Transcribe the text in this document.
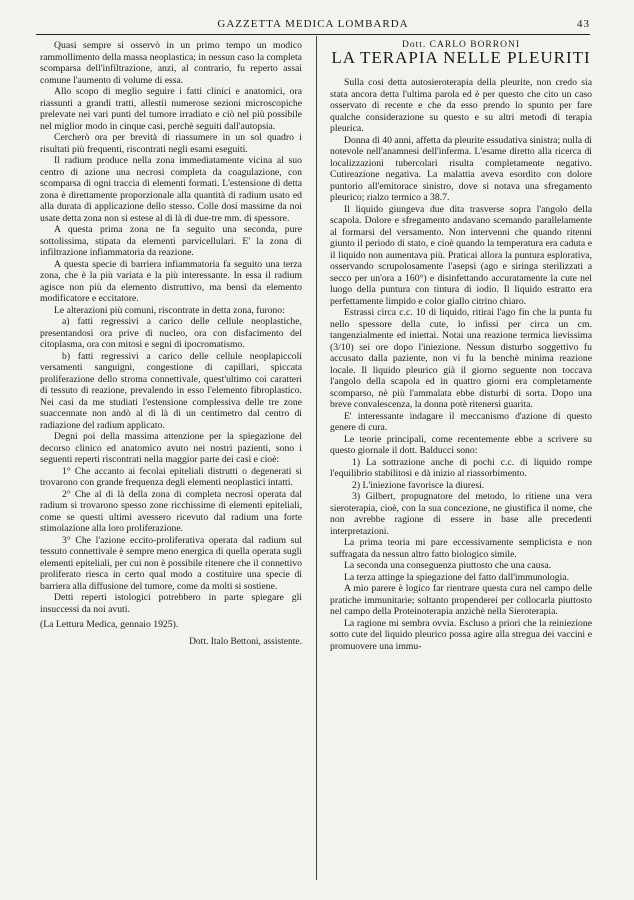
GAZZETTA MEDICA LOMBARDA	43

Quasi sempre si osservò in un primo tempo un modico rammollimento della massa neoplastica; in nessun caso la completa scomparsa dell'infiltrazione, anzi, al contrario, fu reperto assai comune l'aumento di volume di essa.

Allo scopo di meglio seguire i fatti clinici e anatomici, ora riassunti a grandi tratti, allestii numerose sezioni microscopiche prelevate nei vari punti del tumore irradiato e ciò nel più possibile nel miglior modo in cinque casi, perchè seguiti dall'autopsia.

Cercherò ora per brevità di riassumere in un sol quadro i risultati più frequenti, riscontrati negli esami eseguiti.

Il radium produce nella zona immediatamente vicina al suo centro di azione una necrosi completa da coagulazione, con scomparsa di ogni traccia di elementi formati. L'estensione di detta zona è direttamente proporzionale alla quantità di radium usato ed alla durata di applicazione dello stesso. Colle dosi massime da noi usate detta zona non si estese al di là di due-tre mm. di spessore.

A questa prima zona ne fa seguito una seconda, pure sottolissima, stipata da elementi parvicellulari. E' la zona di infiltrazione infiammatoria da reazione.

A questa specie di barriera infiammatoria fa seguito una terza zona, che è la più variata e la più interessante. In essa il radium agisce non più da elemento distruttivo, ma bensì da elemento modificatore e eccitatore.

Le alterazioni più comuni, riscontrate in detta zona, furono:

a) fatti regressivi a carico delle cellule neoplastiche, presentandosi ora prive di nucleo, ora con disfacimento del citoplasma, ora con mitosi e segni di ipocromatismo.

b) fatti regressivi a carico delle cellule neoplapiccoli versamenti sanguigni, congestione di capillari, spiccata proliferazione dello stroma connettivale, quest'ultimo coi caratteri di tessuto di reazione, prevalendo in esso l'elemento fibroplastico. Nei casi da me studiati l'estensione complessiva delle tre zone suaccennate non andò al di là di un centimetro dal centro di radiazione del radium applicato.

Degni poi della massima attenzione per la spiegazione del decorso clinico ed anatomico avuto nei nostri pazienti, sono i seguenti reperti riscontrati nella maggior parte dei casi e cioè:

1° Che accanto ai fecolai epiteliali distrutti o degenerati si trovarono con grande frequenza degli elementi neoplastici intatti.

2° Che al di là della zona di completa necrosi operata dal radium si trovarono spesso zone ricchissime di elementi epiteliali, come se questi ultimi avessero ricevuto dal radium una forte stimolazione alla loro proliferazione.

3° Che l'azione eccito-proliferativa operata dal radium sul tessuto connettivale è sempre meno energica di quella operata sugli elementi epiteliali, per cui non è possibile ritenere che il connettivo proliferato riesca in certo qual modo a costituire una specie di barriera alla diffusione del tumore, come da molti si sostiene.

Detti reperti istologici potrebbero in parte spiegare gli insuccessi da noi avuti.

(La Lettura Medica, gennaio 1925).

Dott. Italo Bettoni, assistente.

Dott. CARLO BORRONI

LA TERAPIA NELLE PLEURITI

Sulla cosi detta autosieroterapia della pleurite, non credo sia stata ancora detta l'ultima parola ed è per questo che cito un caso osservato di recente e che da esso prendo lo spunto per fare qualche considerazione su questo e su altri metodi di terapia pleurica.

Donna di 40 anni, affetta da pleurite essudativa sinistra; nulla di notevole nell'anamnesi dell'inferma. L'esame diretto alla ricerca di localizzazioni tubercolari risulta completamente negativo. Cutireazione negativa. La malattia aveva esordito con dolore puntorio all'emitorace sinistro, dove si notava una sfregamento pleurico; rialzo termico a 38.7.

Il liquido giungeva due dita trasverse sopra l'angolo della scapola. Dolore e sfregamento andavano scemando parallelamente al formarsi del versamento. Non intervenni che quando ritenni giunto il periodo di stato, e cioè quando la temperatura era caduta e il liquido non aumentava più. Praticai allora la puntura esplorativa, osservando scrupolosamente l'asepsi (ago e siringa sterilizzati a secco per un'ora a 160°) e disinfettando accuratamente la cute nel luogo della puntura con tintura di iodio. Il liquido estratto era perfettamente limpido e color giallo citrino chiaro.

Estrassi circa c.c. 10 di liquido, ritirai l'ago fin che la punta fu nello spessore della cute, lo infissi per circa un cm. tangenzialmente ed iniettai. Notai una reazione termica lievissima (3/10) sei ore dopo l'iniezione. Nessun disturbo soggettivo fu accusato dalla paziente, non vi fu la benchè minima reazione locale. Il liquido pleurico già il giorno seguente non toccava l'angolo della scapola ed in quattro giorni era completamente scomparso, nè più l'ammalata ebbe disturbi di sorta. Dopo una breve convalescenza, la donna potè ritenersi guarita.

E' interessante indagare il meccanismo d'azione di questo genere di cura.

Le teorie principali, come recentemente ebbe a scrivere su questo giornale il dott. Balducci sono:

1) La sottrazione anche di pochi c.c. di liquido rompe l'equilibrio stabilitosi e dà inizio al riassorbimento.

2) L'iniezione favorisce la diuresi.

3) Gilbert, propugnatore del metodo, lo ritiene una vera sieroterapia, cioè, con la sua concezione, ne giustifica il nome, che non avrebbe ragione di essere in base alle precedenti interpretazioni.

La prima teoria mi pare eccessivamente semplicista e non suffragata da nessun altro fatto biologico simile.

La seconda una conseguenza piuttosto che una causa.

La terza attinge la spiegazione del fatto dall'immunologia.

A mio parere è logico far rientrare questa cura nel campo delle pratiche immunitarie; soltanto propenderei per collocarla piuttosto nel campo della Proteinoterapia anzichè nella Sieroterapia.

La ragione mi sembra ovvia. Escluso a priori che la reiniezione sotto cute del liquido pleurico possa agire alla stregua dei vaccini e promuovere una immu-
